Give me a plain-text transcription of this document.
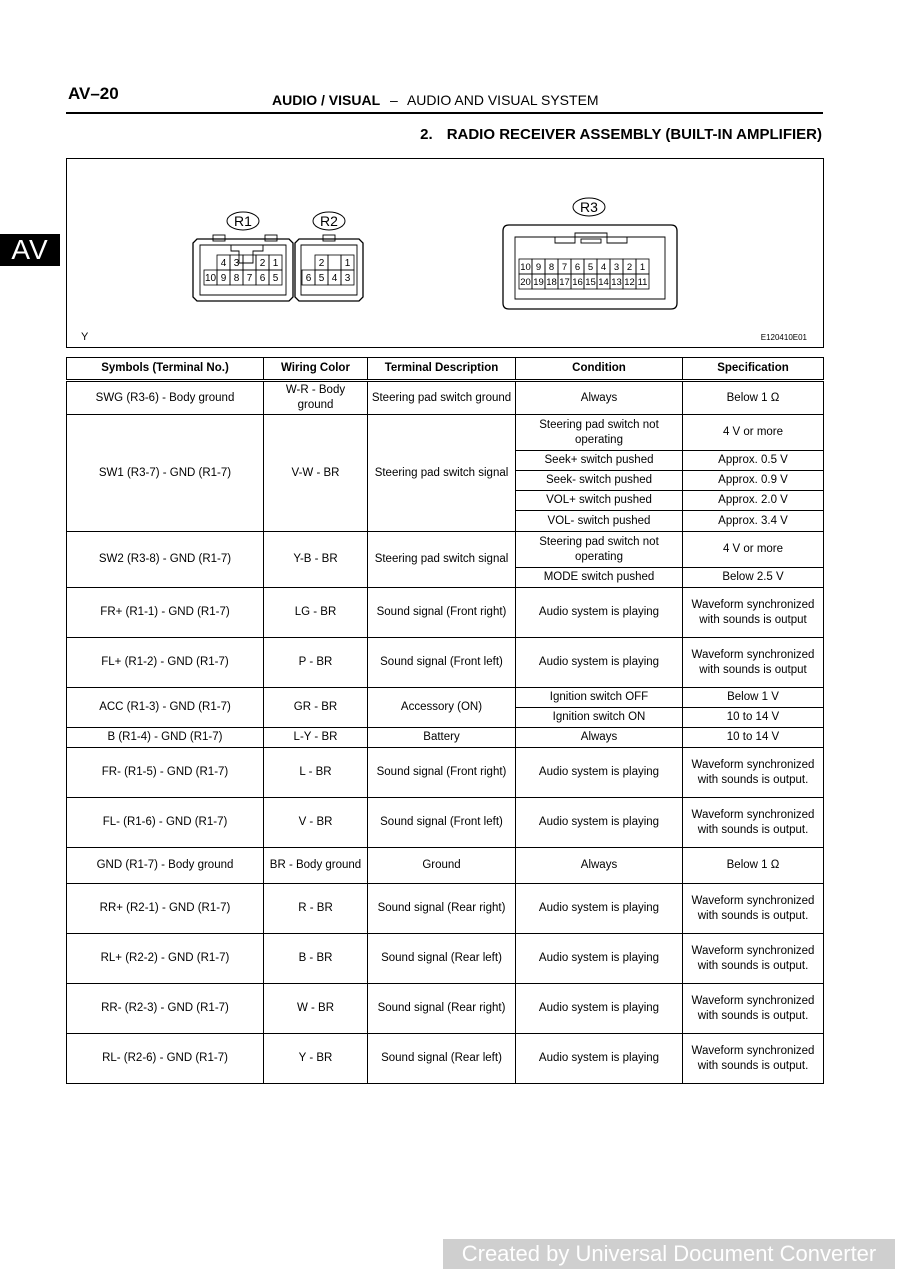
AV–20	AUDIO / VISUAL – AUDIO AND VISUAL SYSTEM
2. RADIO RECEIVER ASSEMBLY (BUILT-IN AMPLIFIER)
AV
R1	R2
R3
4 3 2 1
10 9 8 7 6 5
2 1
6 5 4 3
10 9 8 7 6 5 4 3 2 1
20 19 18 17 16 15 14 13 12 11
Y	E120410E01
Symbols (Terminal No.)	Wiring Color	Terminal Description	Condition	Specification
SWG (R3-6) - Body ground	W-R - Body ground	Steering pad switch ground	Always	Below 1 Ω
SW1 (R3-7) - GND (R1-7)	V-W - BR	Steering pad switch signal	Steering pad switch not operating	4 V or more
			Seek+ switch pushed	Approx. 0.5 V
			Seek- switch pushed	Approx. 0.9 V
			VOL+ switch pushed	Approx. 2.0 V
			VOL- switch pushed	Approx. 3.4 V
SW2 (R3-8) - GND (R1-7)	Y-B - BR	Steering pad switch signal	Steering pad switch not operating	4 V or more
			MODE switch pushed	Below 2.5 V
FR+ (R1-1) - GND (R1-7)	LG - BR	Sound signal (Front right)	Audio system is playing	Waveform synchronized with sounds is output
FL+ (R1-2) - GND (R1-7)	P - BR	Sound signal (Front left)	Audio system is playing	Waveform synchronized with sounds is output
ACC (R1-3) - GND (R1-7)	GR - BR	Accessory (ON)	Ignition switch OFF	Below 1 V
			Ignition switch ON	10 to 14 V
B (R1-4) - GND (R1-7)	L-Y - BR	Battery	Always	10 to 14 V
FR- (R1-5) - GND (R1-7)	L - BR	Sound signal (Front right)	Audio system is playing	Waveform synchronized with sounds is output.
FL- (R1-6) - GND (R1-7)	V - BR	Sound signal (Front left)	Audio system is playing	Waveform synchronized with sounds is output.
GND (R1-7) - Body ground	BR - Body ground	Ground	Always	Below 1 Ω
RR+ (R2-1) - GND (R1-7)	R - BR	Sound signal (Rear right)	Audio system is playing	Waveform synchronized with sounds is output.
RL+ (R2-2) - GND (R1-7)	B - BR	Sound signal (Rear left)	Audio system is playing	Waveform synchronized with sounds is output.
RR- (R2-3) - GND (R1-7)	W - BR	Sound signal (Rear right)	Audio system is playing	Waveform synchronized with sounds is output.
RL- (R2-6) - GND (R1-7)	Y - BR	Sound signal (Rear left)	Audio system is playing	Waveform synchronized with sounds is output.
Created by Universal Document Converter
